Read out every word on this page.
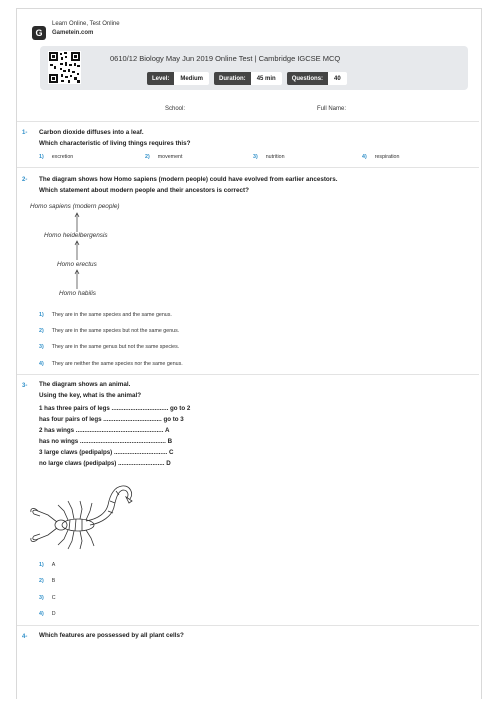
G
Learn Online, Test Online
Gametein.com
0610/12 Biology May Jun 2019 Online Test | Cambridge IGCSE MCQ
Level:	Medium	Duration:	45 min	Questions:	40
School:	Full Name:
1- Carbon dioxide diffuses into a leaf.
Which characteristic of living things requires this?
1) excretion	2) movement	3) nutrition	4) respiration
2- The diagram shows how Homo sapiens (modern people) could have evolved from earlier ancestors.
Which statement about modern people and their ancestors is correct?
Homo sapiens (modern people)
Homo heidelbergensis
Homo erectus
Homo habilis
1) They are in the same species and the same genus.
2) They are in the same species but not the same genus.
3) They are in the same genus but not the same species.
4) They are neither the same species nor the same genus.
3- The diagram shows an animal.
Using the key, what is the animal?
1 has three pairs of legs ................................. go to 2
has four pairs of legs .................................. go to 3
2 has wings ................................................... A
has no wings .................................................. B
3 large claws (pedipalps) ............................... C
no large claws (pedipalps) ........................... D
1) A
2) B
3) C
4) D
4- Which features are possessed by all plant cells?
